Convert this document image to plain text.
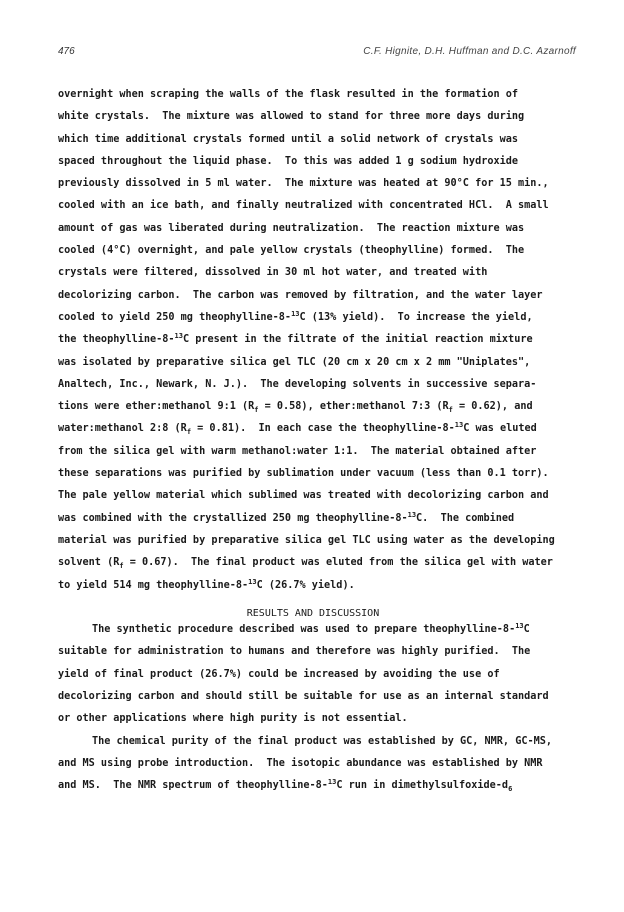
476	C.F. Hignite, D.H. Huffman and D.C. Azarnoff
overnight when scraping the walls of the flask resulted in the formation of
white crystals.  The mixture was allowed to stand for three more days during
which time additional crystals formed until a solid network of crystals was
spaced throughout the liquid phase.  To this was added 1 g sodium hydroxide
previously dissolved in 5 ml water.  The mixture was heated at 90°C for 15 min.,
cooled with an ice bath, and finally neutralized with concentrated HCl.  A small
amount of gas was liberated during neutralization.  The reaction mixture was
cooled (4°C) overnight, and pale yellow crystals (theophylline) formed.  The
crystals were filtered, dissolved in 30 ml hot water, and treated with
decolorizing carbon.  The carbon was removed by filtration, and the water layer
cooled to yield 250 mg theophylline-8-$^{13}$C (13% yield).  To increase the yield,
the theophylline-8-$^{13}$C present in the filtrate of the initial reaction mixture
was isolated by preparative silica gel TLC (20 cm x 20 cm x 2 mm "Uniplates",
Analtech, Inc., Newark, N. J.).  The developing solvents in successive separa-
tions were ether:methanol 9:1 $(R_f = 0.58)$, ether:methanol 7:3 $(R_f = 0.62)$, and
water:methanol 2:8 $(R_f = 0.81)$.  In each case the theophylline-8-$^{13}$C was eluted
from the silica gel with warm methanol:water 1:1.  The material obtained after
these separations was purified by sublimation under vacuum (less than 0.1 torr).
The pale yellow material which sublimed was treated with decolorizing carbon and
was combined with the crystallized 250 mg theophylline-8-$^{13}$C.  The combined
material was purified by preparative silica gel TLC using water as the developing
solvent $(R_f = 0.67)$.  The final product was eluted from the silica gel with water
to yield 514 mg theophylline-8-$^{13}$C (26.7% yield).
RESULTS AND DISCUSSION
The synthetic procedure described was used to prepare theophylline-8-$^{13}$C
suitable for administration to humans and therefore was highly purified.  The
yield of final product (26.7%) could be increased by avoiding the use of
decolorizing carbon and should still be suitable for use as an internal standard
or other applications where high purity is not essential.
The chemical purity of the final product was established by GC, NMR, GC-MS,
and MS using probe introduction.  The isotopic abundance was established by NMR
and MS.  The NMR spectrum of theophylline-8-$^{13}$C run in dimethylsulfoxide-$d_6$
